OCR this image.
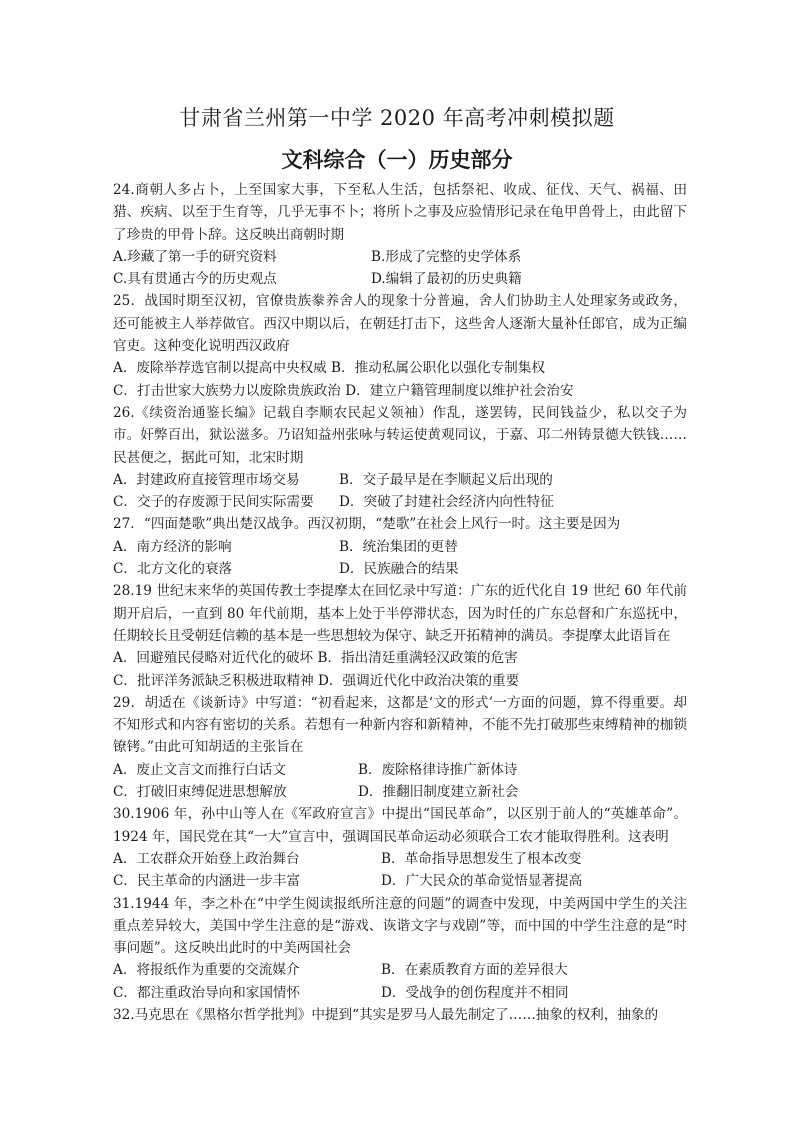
甘肃省兰州第一中学 2020 年高考冲刺模拟题
文科综合（一）历史部分

24.商朝人多占卜，上至国家大事，下至私人生活，包括祭祀、收成、征伐、天气、祸福、田猎、疾病、以至于生育等，几乎无事不卜；将所卜之事及应验情形记录在龟甲兽骨上，由此留下了珍贵的甲骨卜辞。这反映出商朝时期

A.珍藏了第一手的研究资料	B.形成了完整的史学体系
C.具有贯通古今的历史观点	D.编辑了最初的历史典籍

25．战国时期至汉初，官僚贵族豢养舍人的现象十分普遍，舍人们协助主人处理家务或政务，还可能被主人举荐做官。西汉中期以后，在朝廷打击下，这些舍人逐渐大量补任郎官，成为正编官吏。这种变化说明西汉政府

A．废除举荐选官制以提高中央权威 B．推动私属公职化以强化专制集权
C．打击世家大族势力以废除贵族政治 D．建立户籍管理制度以维护社会治安

26.《续资治通鉴长编》记载自李顺农民起义领袖）作乱，遂罢铸，民间钱益少，私以交子为市。奸弊百出，狱讼滋多。乃诏知益州张咏与转运使黄观同议，于嘉、邛二州铸景德大铁钱……民甚便之，据此可知，北宋时期

A．封建政府直接管理市场交易	B．交子最早是在李顺起义后出现的
C．交子的存废源于民间实际需要	D．突破了封建社会经济内向性特征

27．“四面楚歌”典出楚汉战争。西汉初期，“楚歌”在社会上风行一时。这主要是因为

A．南方经济的影响	B．统治集团的更替
C．北方文化的衰落	D．民族融合的结果

28.19 世纪末来华的英国传教士李提摩太在回忆录中写道：广东的近代化自 19 世纪 60 年代前期开启后，一直到 80 年代前期，基本上处于半停滞状态，因为时任的广东总督和广东巡抚中，任期较长且受朝廷信赖的基本是一些思想较为保守、缺乏开拓精神的满员。李提摩太此语旨在

A．回避殖民侵略对近代化的破坏 B．指出清廷重满轻汉政策的危害
C．批评洋务派缺乏积极进取精神 D．强调近代化中政治决策的重要

29．胡适在《谈新诗》中写道：“初看起来，这都是‘文的形式’一方面的问题，算不得重要。却不知形式和内容有密切的关系。若想有一种新内容和新精神，不能不先打破那些束缚精神的枷锁镣铐。”由此可知胡适的主张旨在

A．废止文言文而推行白话文	B．废除格律诗推广新体诗
C．打破旧束缚促进思想解放	D．推翻旧制度建立新社会

30.1906 年，孙中山等人在《军政府宣言》中提出“国民革命”，以区别于前人的“英雄革命”。1924 年，国民党在其“一大”宣言中，强调国民革命运动必须联合工农才能取得胜利。这表明

A．工农群众开始登上政治舞台	B．革命指导思想发生了根本改变
C．民主革命的内涵进一步丰富	D．广大民众的革命觉悟显著提高

31.1944 年，李之朴在“中学生阅读报纸所注意的问题”的调查中发现，中美两国中学生的关注重点差异较大，美国中学生注意的是“游戏、诙谐文字与戏剧”等，而中国的中学生注意的是“时事问题”。这反映出此时的中美两国社会

A．将报纸作为重要的交流媒介	B．在素质教育方面的差异很大
C．都注重政治导向和家国情怀	D．受战争的创伤程度并不相同

32.马克思在《黑格尔哲学批判》中提到“其实是罗马人最先制定了……抽象的权利，抽象的
